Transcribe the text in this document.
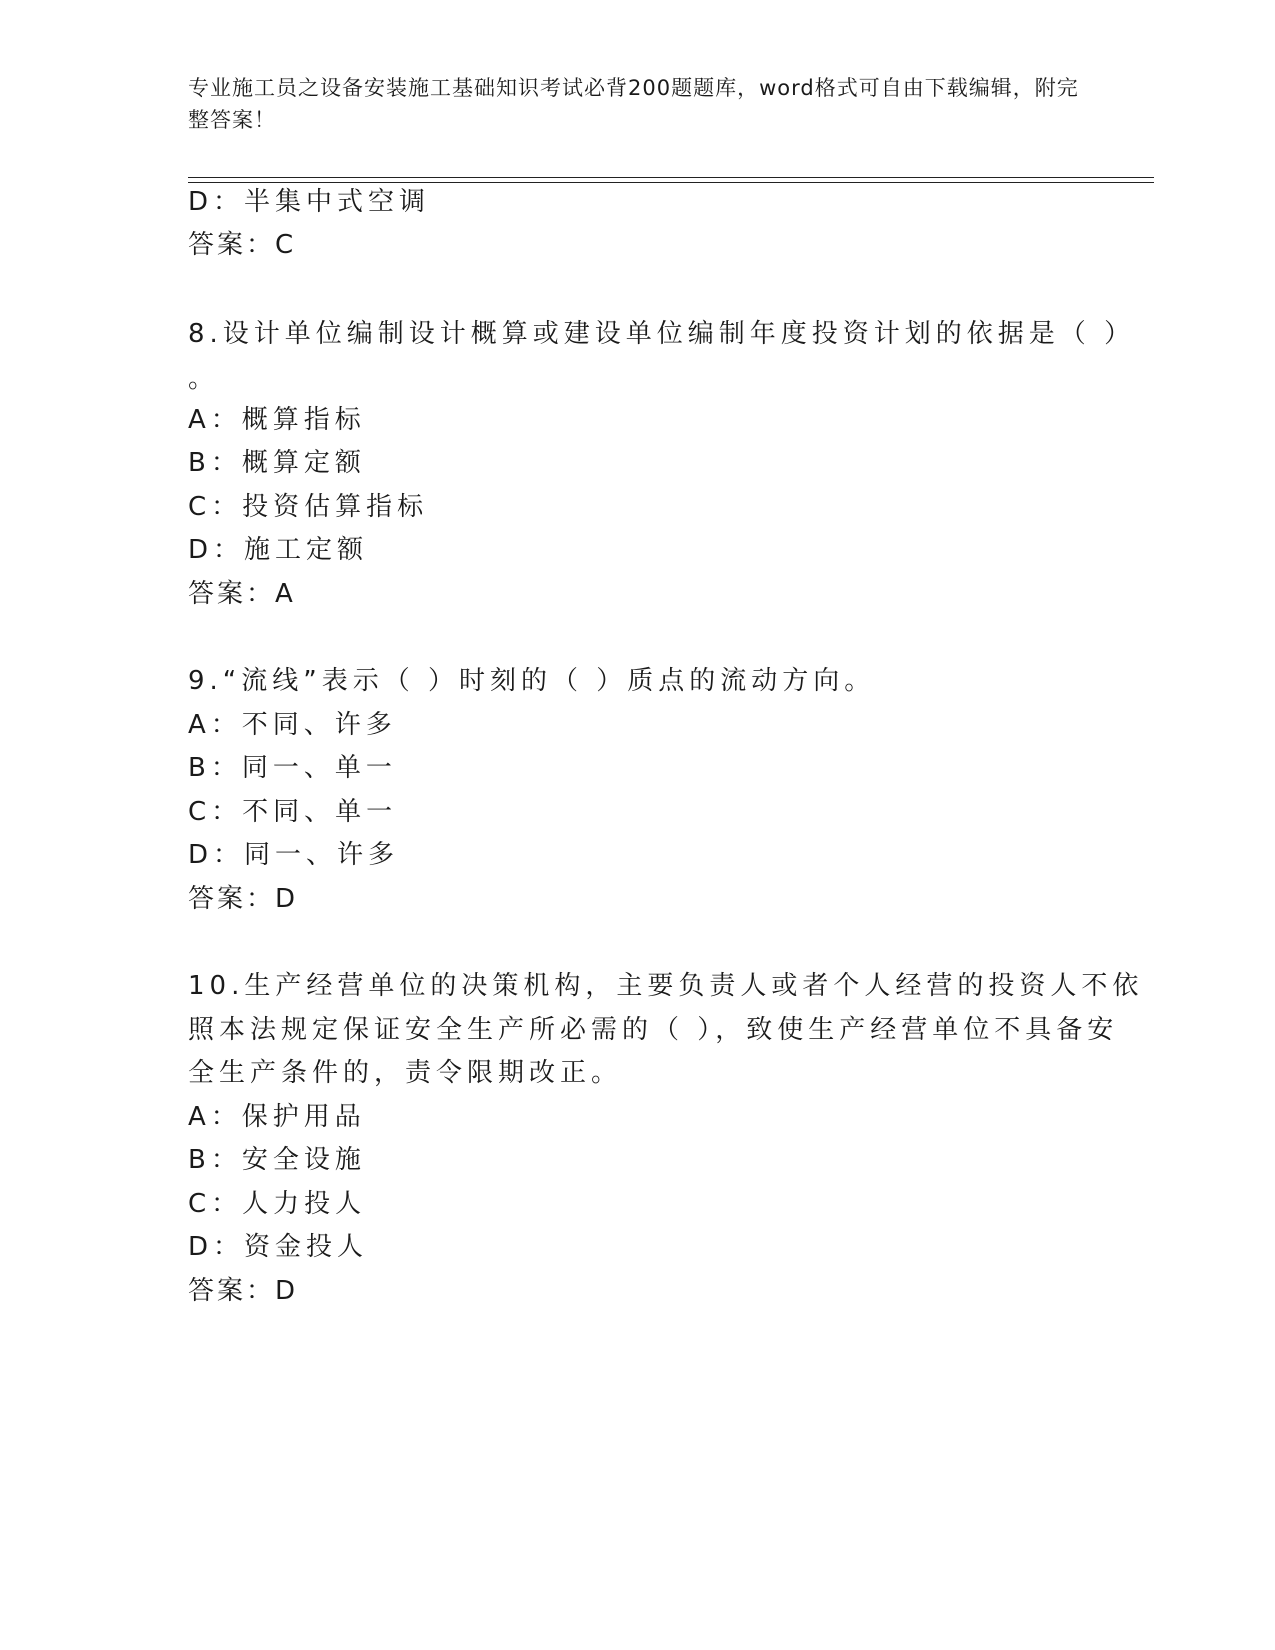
专业施工员之设备安装施工基础知识考试必背200题题库，word格式可自由下载编辑，附完整答案！
D：半集中式空调
答案：C
8.设计单位编制设计概算或建设单位编制年度投资计划的依据是（ ）
。
A：概算指标
B：概算定额
C：投资估算指标
D：施工定额
答案：A
9.“流线”表示（ ）时刻的（ ）质点的流动方向。
A：不同、许多
B：同一、单一
C：不同、单一
D：同一、许多
答案：D
10.生产经营单位的决策机构，主要负责人或者个人经营的投资人不依
照本法规定保证安全生产所必需的（ ），致使生产经营单位不具备安
全生产条件的，责令限期改正。
A：保护用品
B：安全设施
C：人力投人
D：资金投人
答案：D
